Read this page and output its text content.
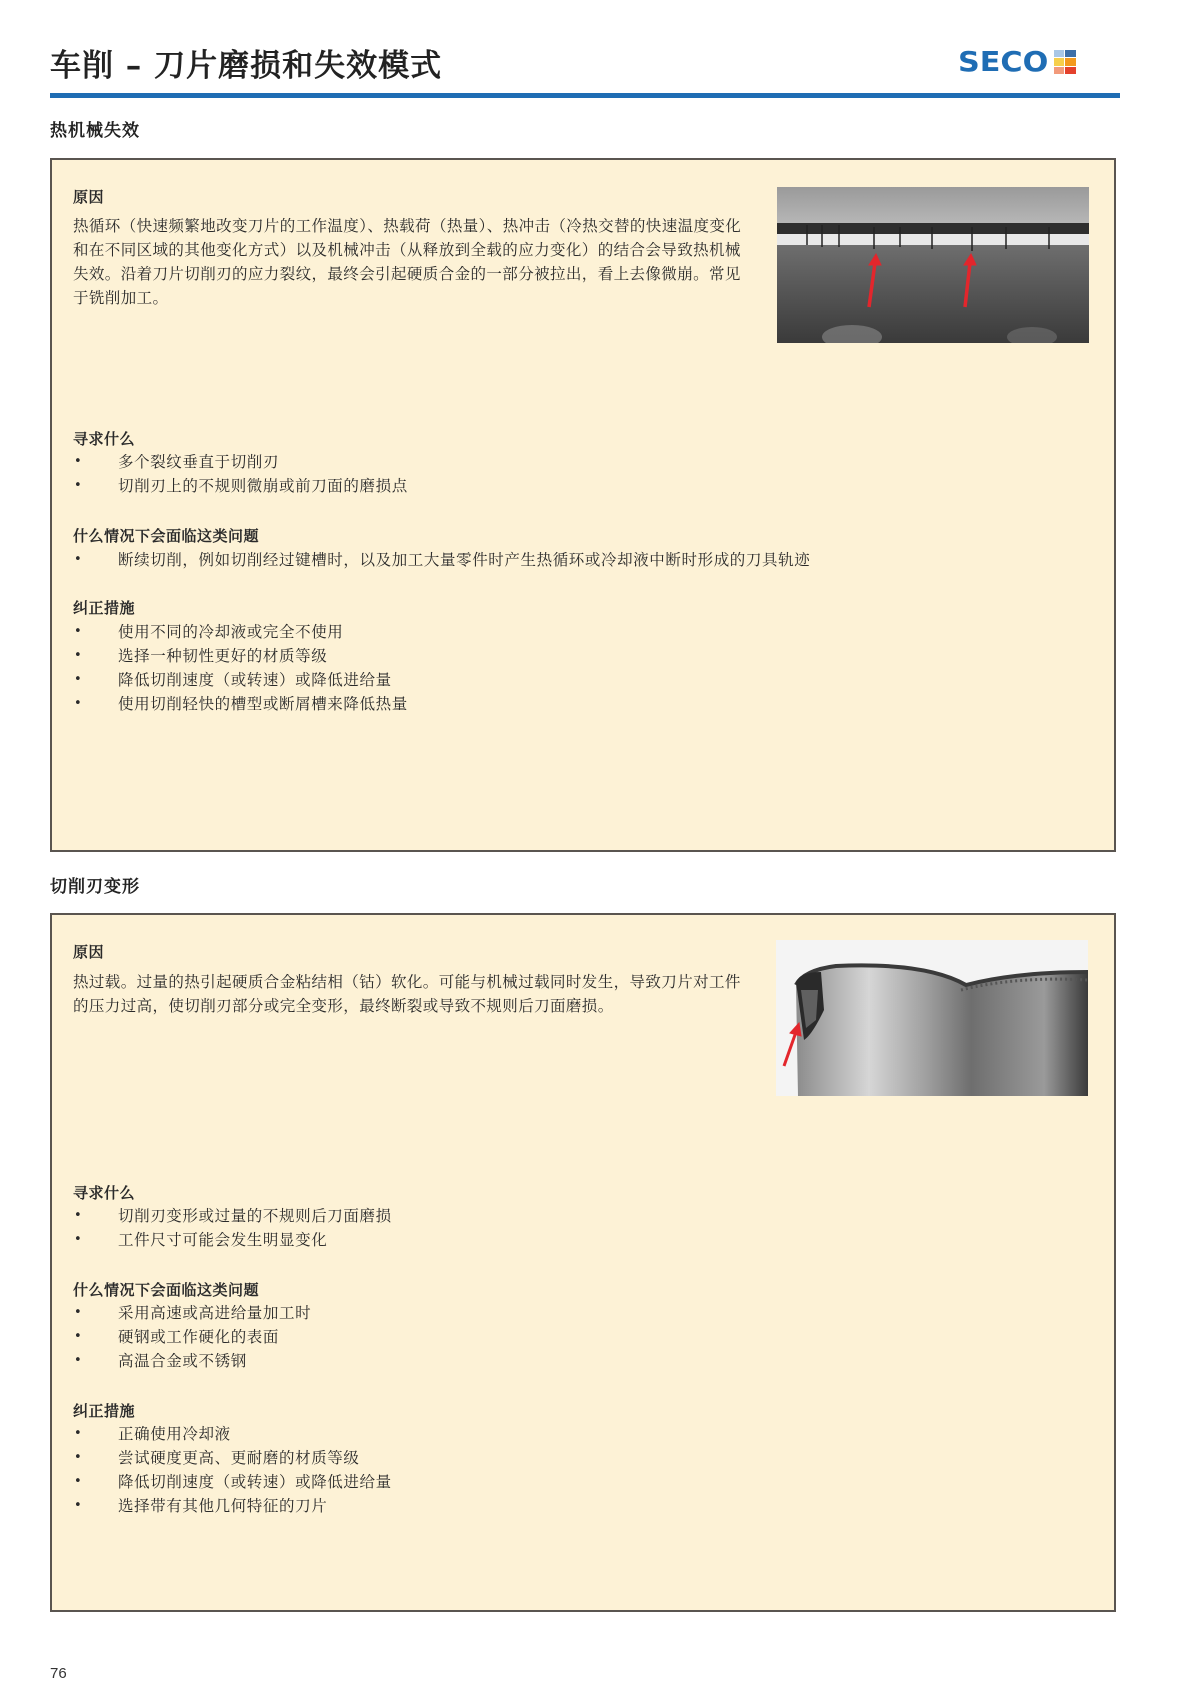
车削 – 刀片磨损和失效模式	SECO
热机械失效
原因
热循环（快速频繁地改变刀片的工作温度）、热载荷（热量）、热冲击（冷热交替的快速温度变化和在不同区域的其他变化方式）以及机械冲击（从释放到全载的应力变化）的结合会导致热机械失效。沿着刀片切削刃的应力裂纹，最终会引起硬质合金的一部分被拉出，看上去像微崩。常见于铣削加工。
寻求什么
• 多个裂纹垂直于切削刃
• 切削刃上的不规则微崩或前刀面的磨损点
什么情况下会面临这类问题
• 断续切削，例如切削经过键槽时，以及加工大量零件时产生热循环或冷却液中断时形成的刀具轨迹
纠正措施
• 使用不同的冷却液或完全不使用
• 选择一种韧性更好的材质等级
• 降低切削速度（或转速）或降低进给量
• 使用切削轻快的槽型或断屑槽来降低热量
切削刃变形
原因
热过载。过量的热引起硬质合金粘结相（钴）软化。可能与机械过载同时发生，导致刀片对工件的压力过高，使切削刃部分或完全变形，最终断裂或导致不规则后刀面磨损。
寻求什么
• 切削刃变形或过量的不规则后刀面磨损
• 工件尺寸可能会发生明显变化
什么情况下会面临这类问题
• 采用高速或高进给量加工时
• 硬钢或工作硬化的表面
• 高温合金或不锈钢
纠正措施
• 正确使用冷却液
• 尝试硬度更高、更耐磨的材质等级
• 降低切削速度（或转速）或降低进给量
• 选择带有其他几何特征的刀片
76
